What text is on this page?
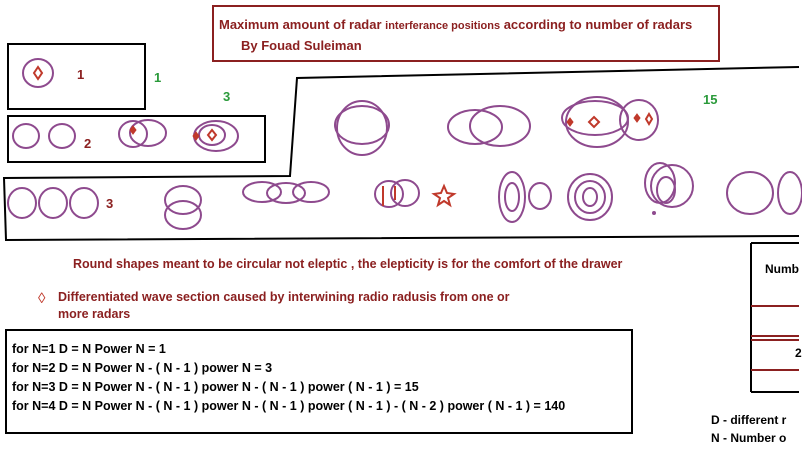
Maximum amount of radar interferance positions according to number of radars
By Fouad Suleiman
1	1
2
3
3
15
Round shapes meant to be circular not eleptic , the elepticity is for the comfort of the drawer
◊ Differentiated wave section caused by interwining radio radusis from one or
more radars
for N=1 D = N Power N = 1
for N=2 D = N Power N - ( N - 1 ) power N = 3
for N=3 D = N Power N - ( N - 1 ) power N - ( N - 1 ) power ( N - 1 ) = 15
for N=4 D = N Power N - ( N - 1 ) power N - ( N - 1 ) power ( N - 1 ) - ( N - 2 ) power ( N - 1 ) = 140
Numb
2
D - different r
N - Number o
